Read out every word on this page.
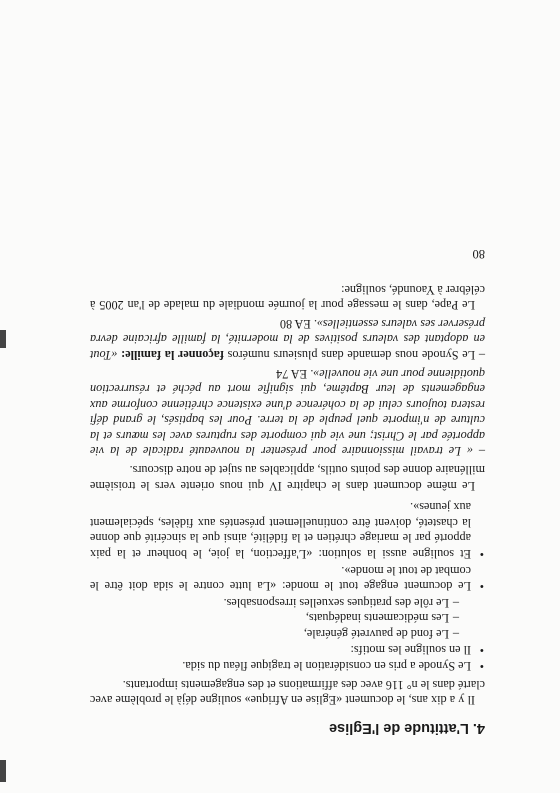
4. L'attitude de l'Eglise

Il y a dix ans, le document «Eglise en Afrique» souligne déjà le problème avec clarté dans le n° 116 avec des affirmations et des engagements importants.

• Le Synode a pris en considération le tragique fléau du sida.
• Il en souligne les motifs:
– Le fond de pauvreté générale,
– Les médicaments inadéquats,
– Le rôle des pratiques sexuelles irresponsables.
• Le document engage tout le monde: «La lutte contre le sida doit être le combat de tout le monde».
• Et souligne aussi la solution: «L'affection, la joie, le bonheur et la paix apporté par le mariage chrétien et la fidélité, ainsi que la sincérité que donne la chasteté, doivent être continuellement présentés aux fidèles, spécialement aux jeunes».

Le même document dans le chapitre IV qui nous oriente vers le troisième millénaire donne des points outils, applicables au sujet de notre discours.

– « Le travail missionnaire pour présenter la nouveauté radicale de la vie apportée par le Christ; une vie qui comporte des ruptures avec les mœurs et la culture de n'importe quel peuple de la terre. Pour les baptisés, le grand défi restera toujours celui de la cohérence d'une existence chrétienne conforme aux engagements de leur Baptême, qui signifie mort au péché et résurrection quotidienne pour une vie nouvelle». EA 74

– Le Synode nous demande dans plusieurs numéros façonner la famille: «Tout en adoptant des valeurs positives de la modernité, la famille africaine devra préserver ses valeurs essentielles». EA 80

Le Pape, dans le message pour la journée mondiale du malade de l'an 2005 à célébrer à Yaoundé, souligne:

80
